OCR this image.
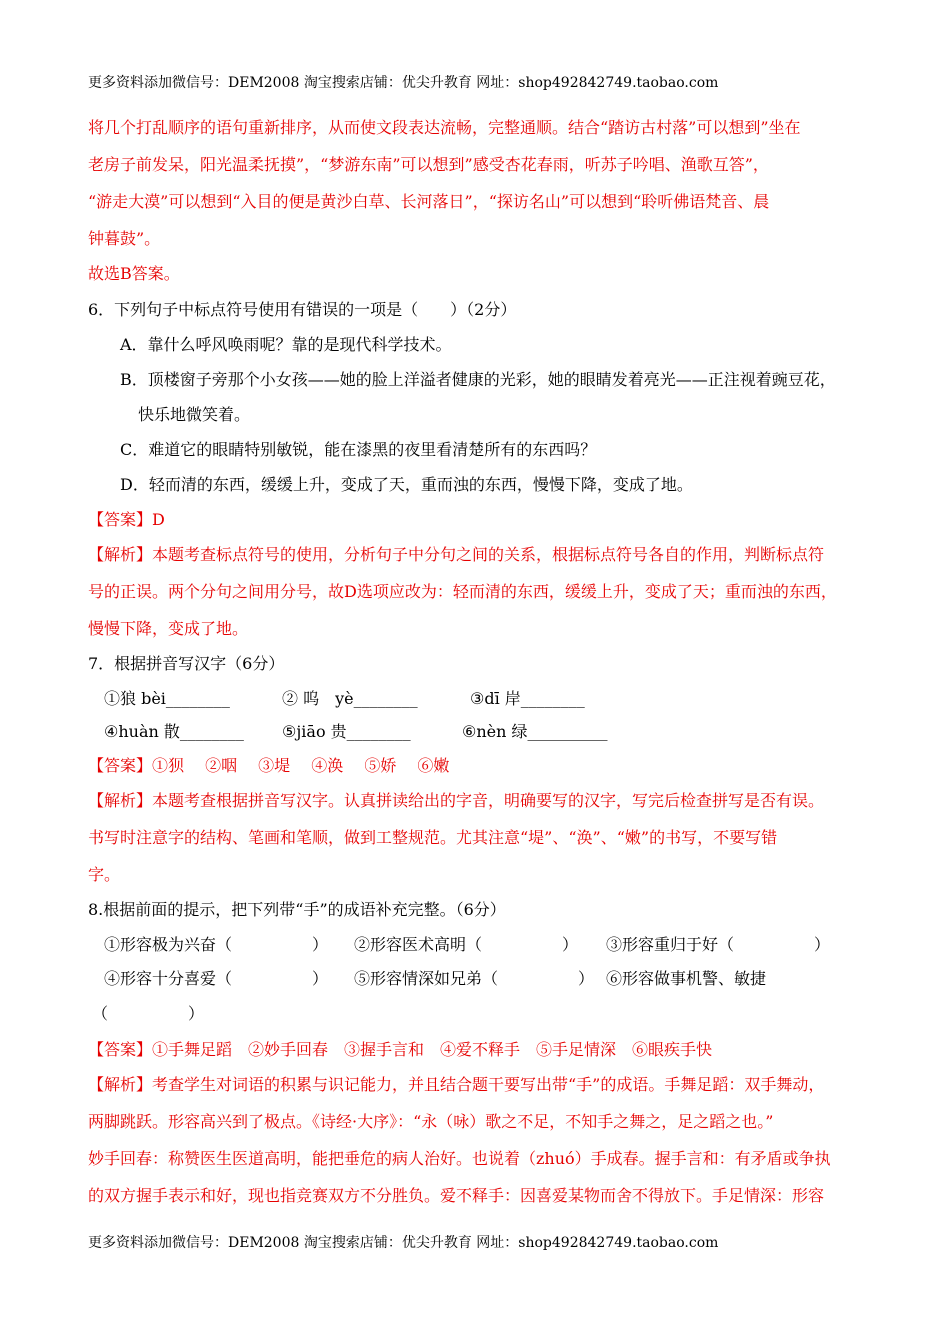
更多资料添加微信号：DEM2008 淘宝搜索店铺：优尖升教育 网址：shop492842749.taobao.com
将几个打乱顺序的语句重新排序，从而使文段表达流畅，完整通顺。结合“踏访古村落”可以想到”坐在
老房子前发呆，阳光温柔抚摸”，“梦游东南”可以想到”感受杏花春雨，听苏子吟唱、渔歌互答”，
“游走大漠”可以想到“入目的便是黄沙白草、长河落日”，“探访名山”可以想到“聆听佛语梵音、晨
钟暮鼓”。
故选B答案。
6．下列句子中标点符号使用有错误的一项是（　　）（2分）
A．靠什么呼风唤雨呢？靠的是现代科学技术。
B．顶楼窗子旁那个小女孩——她的脸上洋溢者健康的光彩，她的眼睛发着亮光——正注视着豌豆花，
快乐地微笑着。
C．难道它的眼睛特别敏锐，能在漆黑的夜里看清楚所有的东西吗？
D．轻而清的东西，缓缓上升，变成了天，重而浊的东西，慢慢下降，变成了地。
【答案】D
【解析】本题考查标点符号的使用，分析句子中分句之间的关系，根据标点符号各自的作用，判断标点符
号的正误。两个分句之间用分号，故D选项应改为：轻而清的东西，缓缓上升，变成了天；重而浊的东西，
慢慢下降，变成了地。
7．根据拼音写汉字（6分）
①狼 bèi________	② 呜　yè________	③dī 岸________
④huàn 散________ ⑤jiāo 贵________	⑥nèn 绿__________
【答案】①狈　 ②咽　 ③堤　 ④涣　 ⑤娇　 ⑥嫩
【解析】本题考查根据拼音写汉字。认真拼读给出的字音，明确要写的汉字，写完后检查拼写是否有误。
书写时注意字的结构、笔画和笔顺，做到工整规范。尤其注意“堤”、“涣”、“嫩”的书写，不要写错
字。
8.根据前面的提示，把下列带“手”的成语补充完整。（6分）
①形容极为兴奋（　　　　　） ②形容医术高明（　　　　　） ③形容重归于好（　　　　　）
④形容十分喜爱（　　　　　） ⑤形容情深如兄弟（　　　　　） ⑥形容做事机警、敏捷
（　　　　　）
【答案】①手舞足蹈　②妙手回春　③握手言和　④爱不释手　⑤手足情深　⑥眼疾手快
【解析】考查学生对词语的积累与识记能力，并且结合题干要写出带“手”的成语。手舞足蹈：双手舞动，
两脚跳跃。形容高兴到了极点。《诗经·大序》：“永（咏）歌之不足，不知手之舞之，足之蹈之也。”
妙手回春：称赞医生医道高明，能把垂危的病人治好。也说着（zhuó）手成春。握手言和：有矛盾或争执
的双方握手表示和好，现也指竞赛双方不分胜负。爱不释手：因喜爱某物而舍不得放下。手足情深：形容
更多资料添加微信号：DEM2008 淘宝搜索店铺：优尖升教育 网址：shop492842749.taobao.com
